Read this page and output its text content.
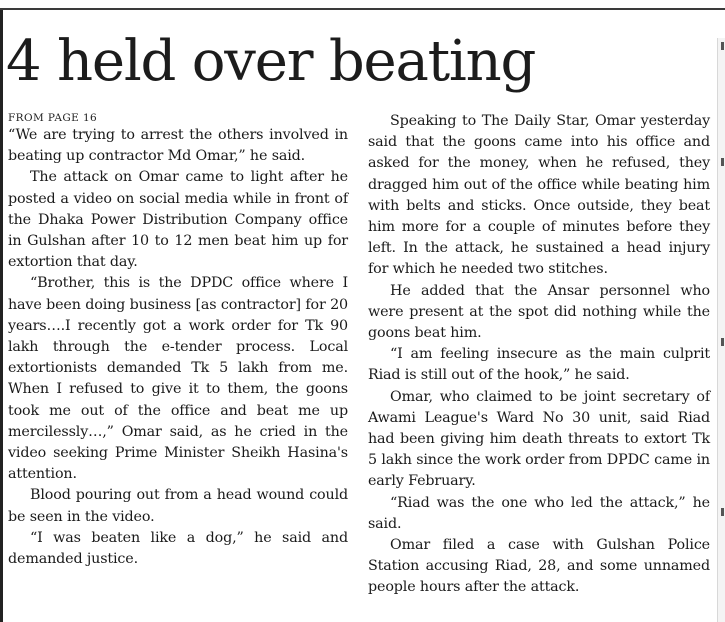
4 held over beating

FROM PAGE 16
“We are trying to arrest the others involved in beating up contractor Md Omar,” he said.

The attack on Omar came to light after he posted a video on social media while in front of the Dhaka Power Distribution Company office in Gulshan after 10 to 12 men beat him up for extortion that day.

“Brother, this is the DPDC office where I have been doing business [as contractor] for 20 years….I recently got a work order for Tk 90 lakh through the e-tender process. Local extortionists demanded Tk 5 lakh from me. When I refused to give it to them, the goons took me out of the office and beat me up mercilessly…,” Omar said, as he cried in the video seeking Prime Minister Sheikh Hasina's attention.

Blood pouring out from a head wound could be seen in the video.

“I was beaten like a dog,” he said and demanded justice.

Speaking to The Daily Star, Omar yesterday said that the goons came into his office and asked for the money, when he refused, they dragged him out of the office while beating him with belts and sticks. Once outside, they beat him more for a couple of minutes before they left. In the attack, he sustained a head injury for which he needed two stitches.

He added that the Ansar personnel who were present at the spot did nothing while the goons beat him.

“I am feeling insecure as the main culprit Riad is still out of the hook,” he said.

Omar, who claimed to be joint secretary of Awami League's Ward No 30 unit, said Riad had been giving him death threats to extort Tk 5 lakh since the work order from DPDC came in early February.

“Riad was the one who led the attack,” he said.

Omar filed a case with Gulshan Police Station accusing Riad, 28, and some unnamed people hours after the attack.
